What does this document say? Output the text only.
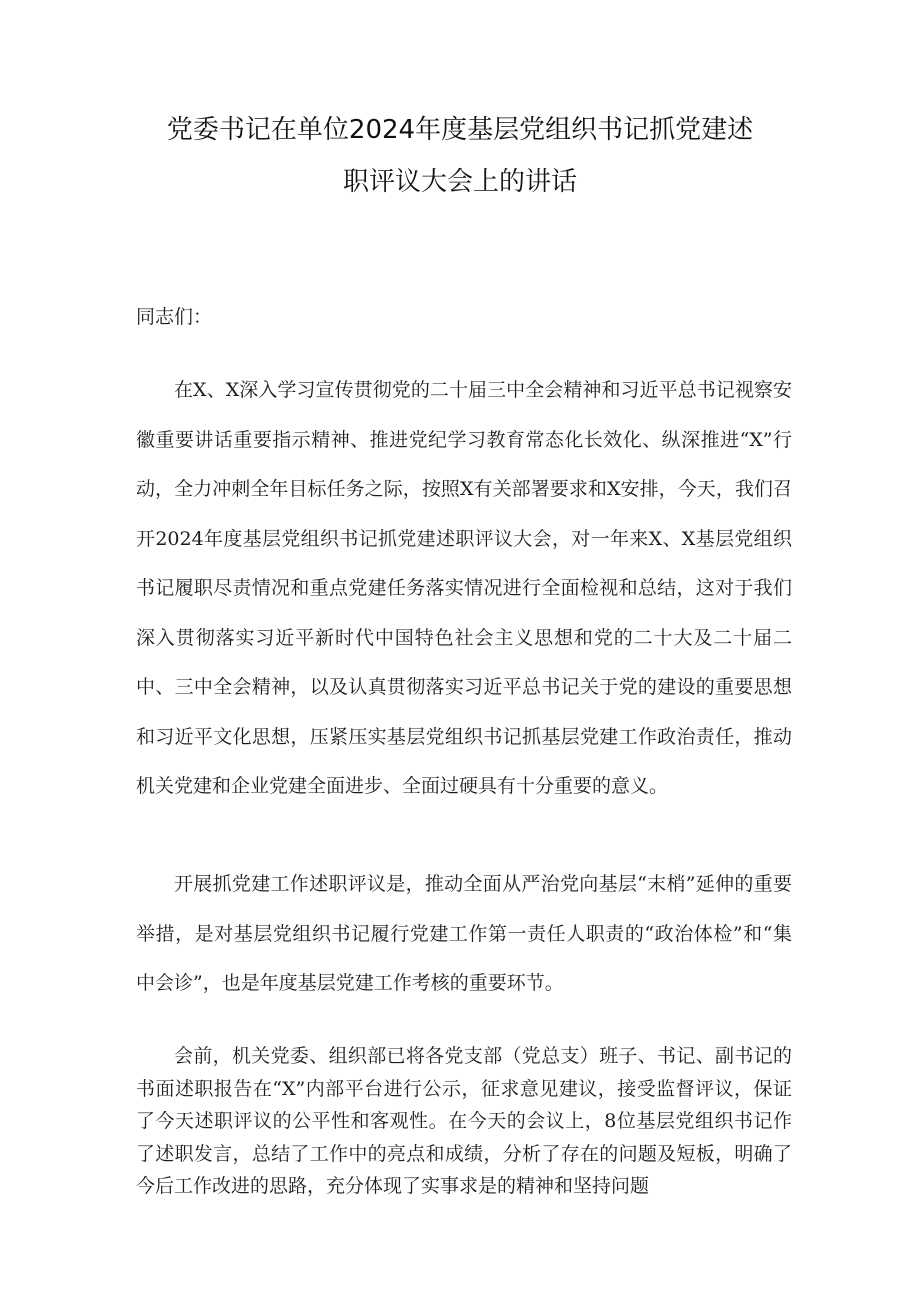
党委书记在单位2024年度基层党组织书记抓党建述
职评议大会上的讲话

同志们：

在X、X深入学习宣传贯彻党的二十届三中全会精神和习近平总书记视察安徽重要讲话重要指示精神、推进党纪学习教育常态化长效化、纵深推进“X”行动，全力冲刺全年目标任务之际，按照X有关部署要求和X安排，今天，我们召开2024年度基层党组织书记抓党建述职评议大会，对一年来X、X基层党组织书记履职尽责情况和重点党建任务落实情况进行全面检视和总结，这对于我们深入贯彻落实习近平新时代中国特色社会主义思想和党的二十大及二十届二中、三中全会精神，以及认真贯彻落实习近平总书记关于党的建设的重要思想和习近平文化思想，压紧压实基层党组织书记抓基层党建工作政治责任，推动机关党建和企业党建全面进步、全面过硬具有十分重要的意义。

开展抓党建工作述职评议是，推动全面从严治党向基层“末梢”延伸的重要举措，是对基层党组织书记履行党建工作第一责任人职责的“政治体检”和“集中会诊”，也是年度基层党建工作考核的重要环节。

会前，机关党委、组织部已将各党支部（党总支）班子、书记、副书记的书面述职报告在“X”内部平台进行公示，征求意见建议，接受监督评议，保证了今天述职评议的公平性和客观性。在今天的会议上，8位基层党组织书记作了述职发言，总结了工作中的亮点和成绩，分析了存在的问题及短板，明确了今后工作改进的思路，充分体现了实事求是的精神和坚持问题
